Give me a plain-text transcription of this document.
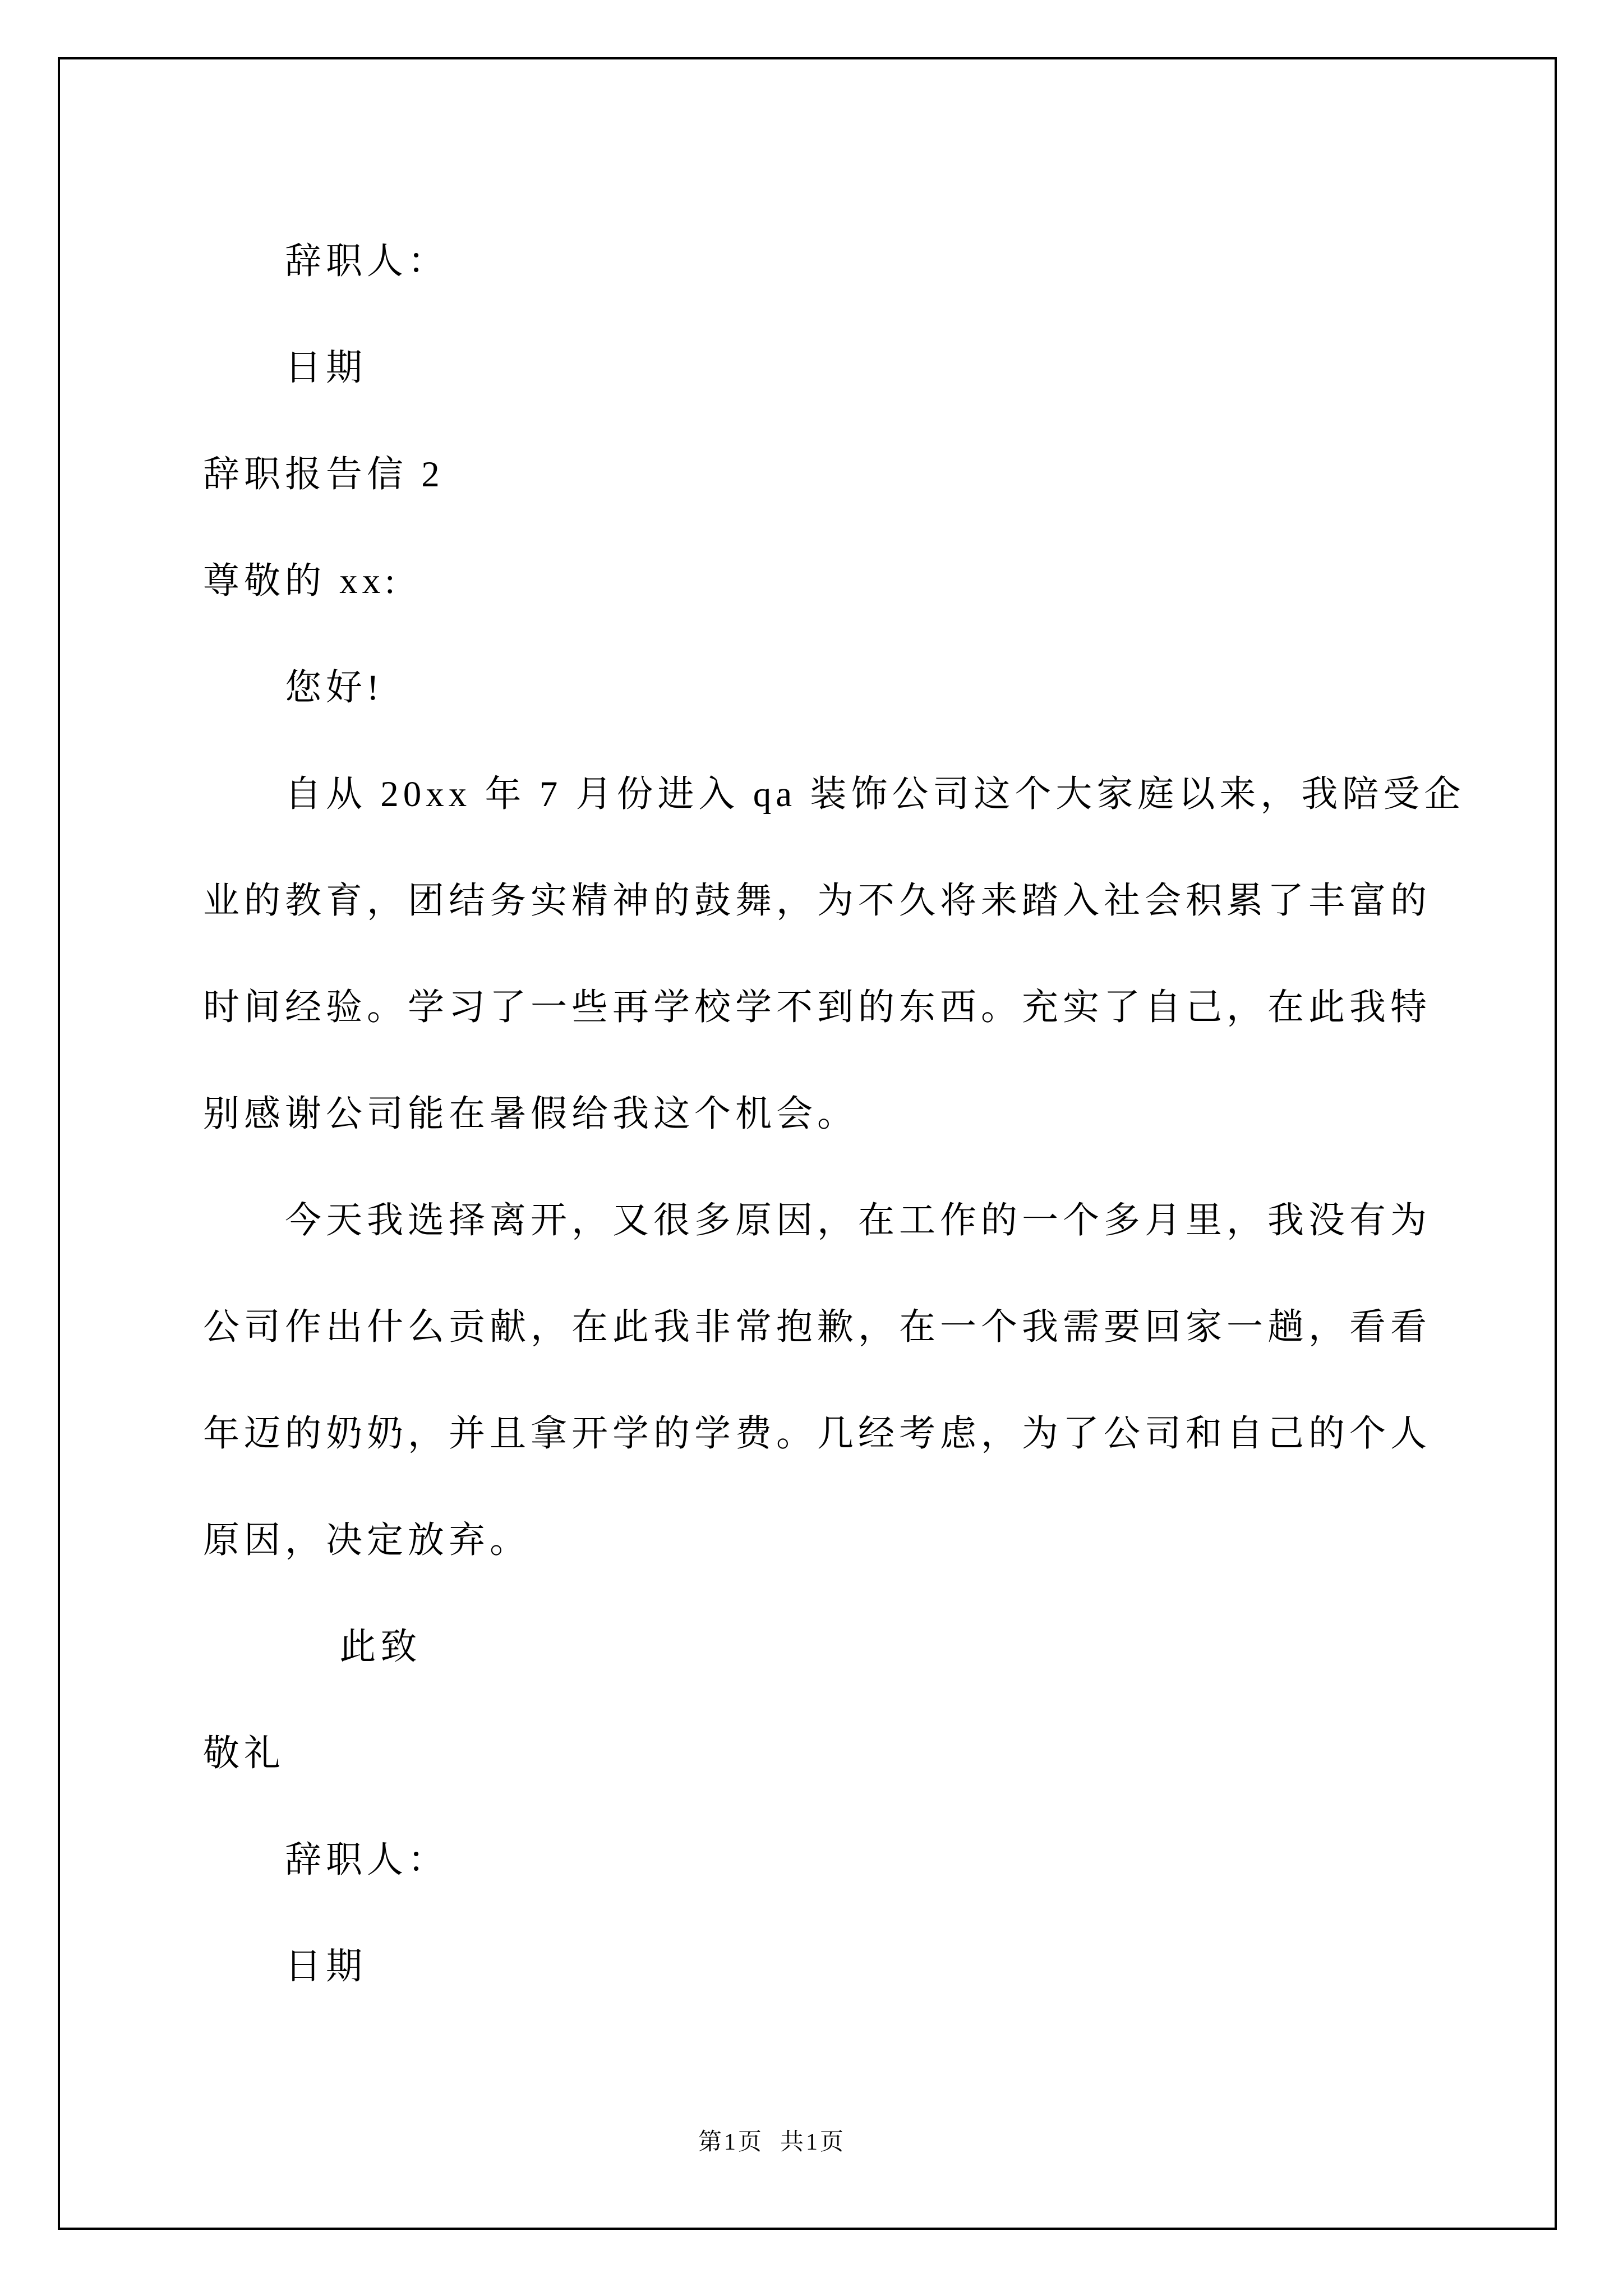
　　辞职人：
　　日期
辞职报告信 2
尊敬的 xx:
　　您好!
　　自从 20xx 年 7 月份进入 qa 装饰公司这个大家庭以来，我陪受企
业的教育，团结务实精神的鼓舞，为不久将来踏入社会积累了丰富的
时间经验。学习了一些再学校学不到的东西。充实了自己，在此我特
别感谢公司能在暑假给我这个机会。
　　今天我选择离开，又很多原因，在工作的一个多月里，我没有为
公司作出什么贡献，在此我非常抱歉，在一个我需要回家一趟，看看
年迈的奶奶，并且拿开学的学费。几经考虑，为了公司和自己的个人
原因，决定放弃。
　　　 此致
敬礼
　　辞职人：
　　日期
第1页  共1页
